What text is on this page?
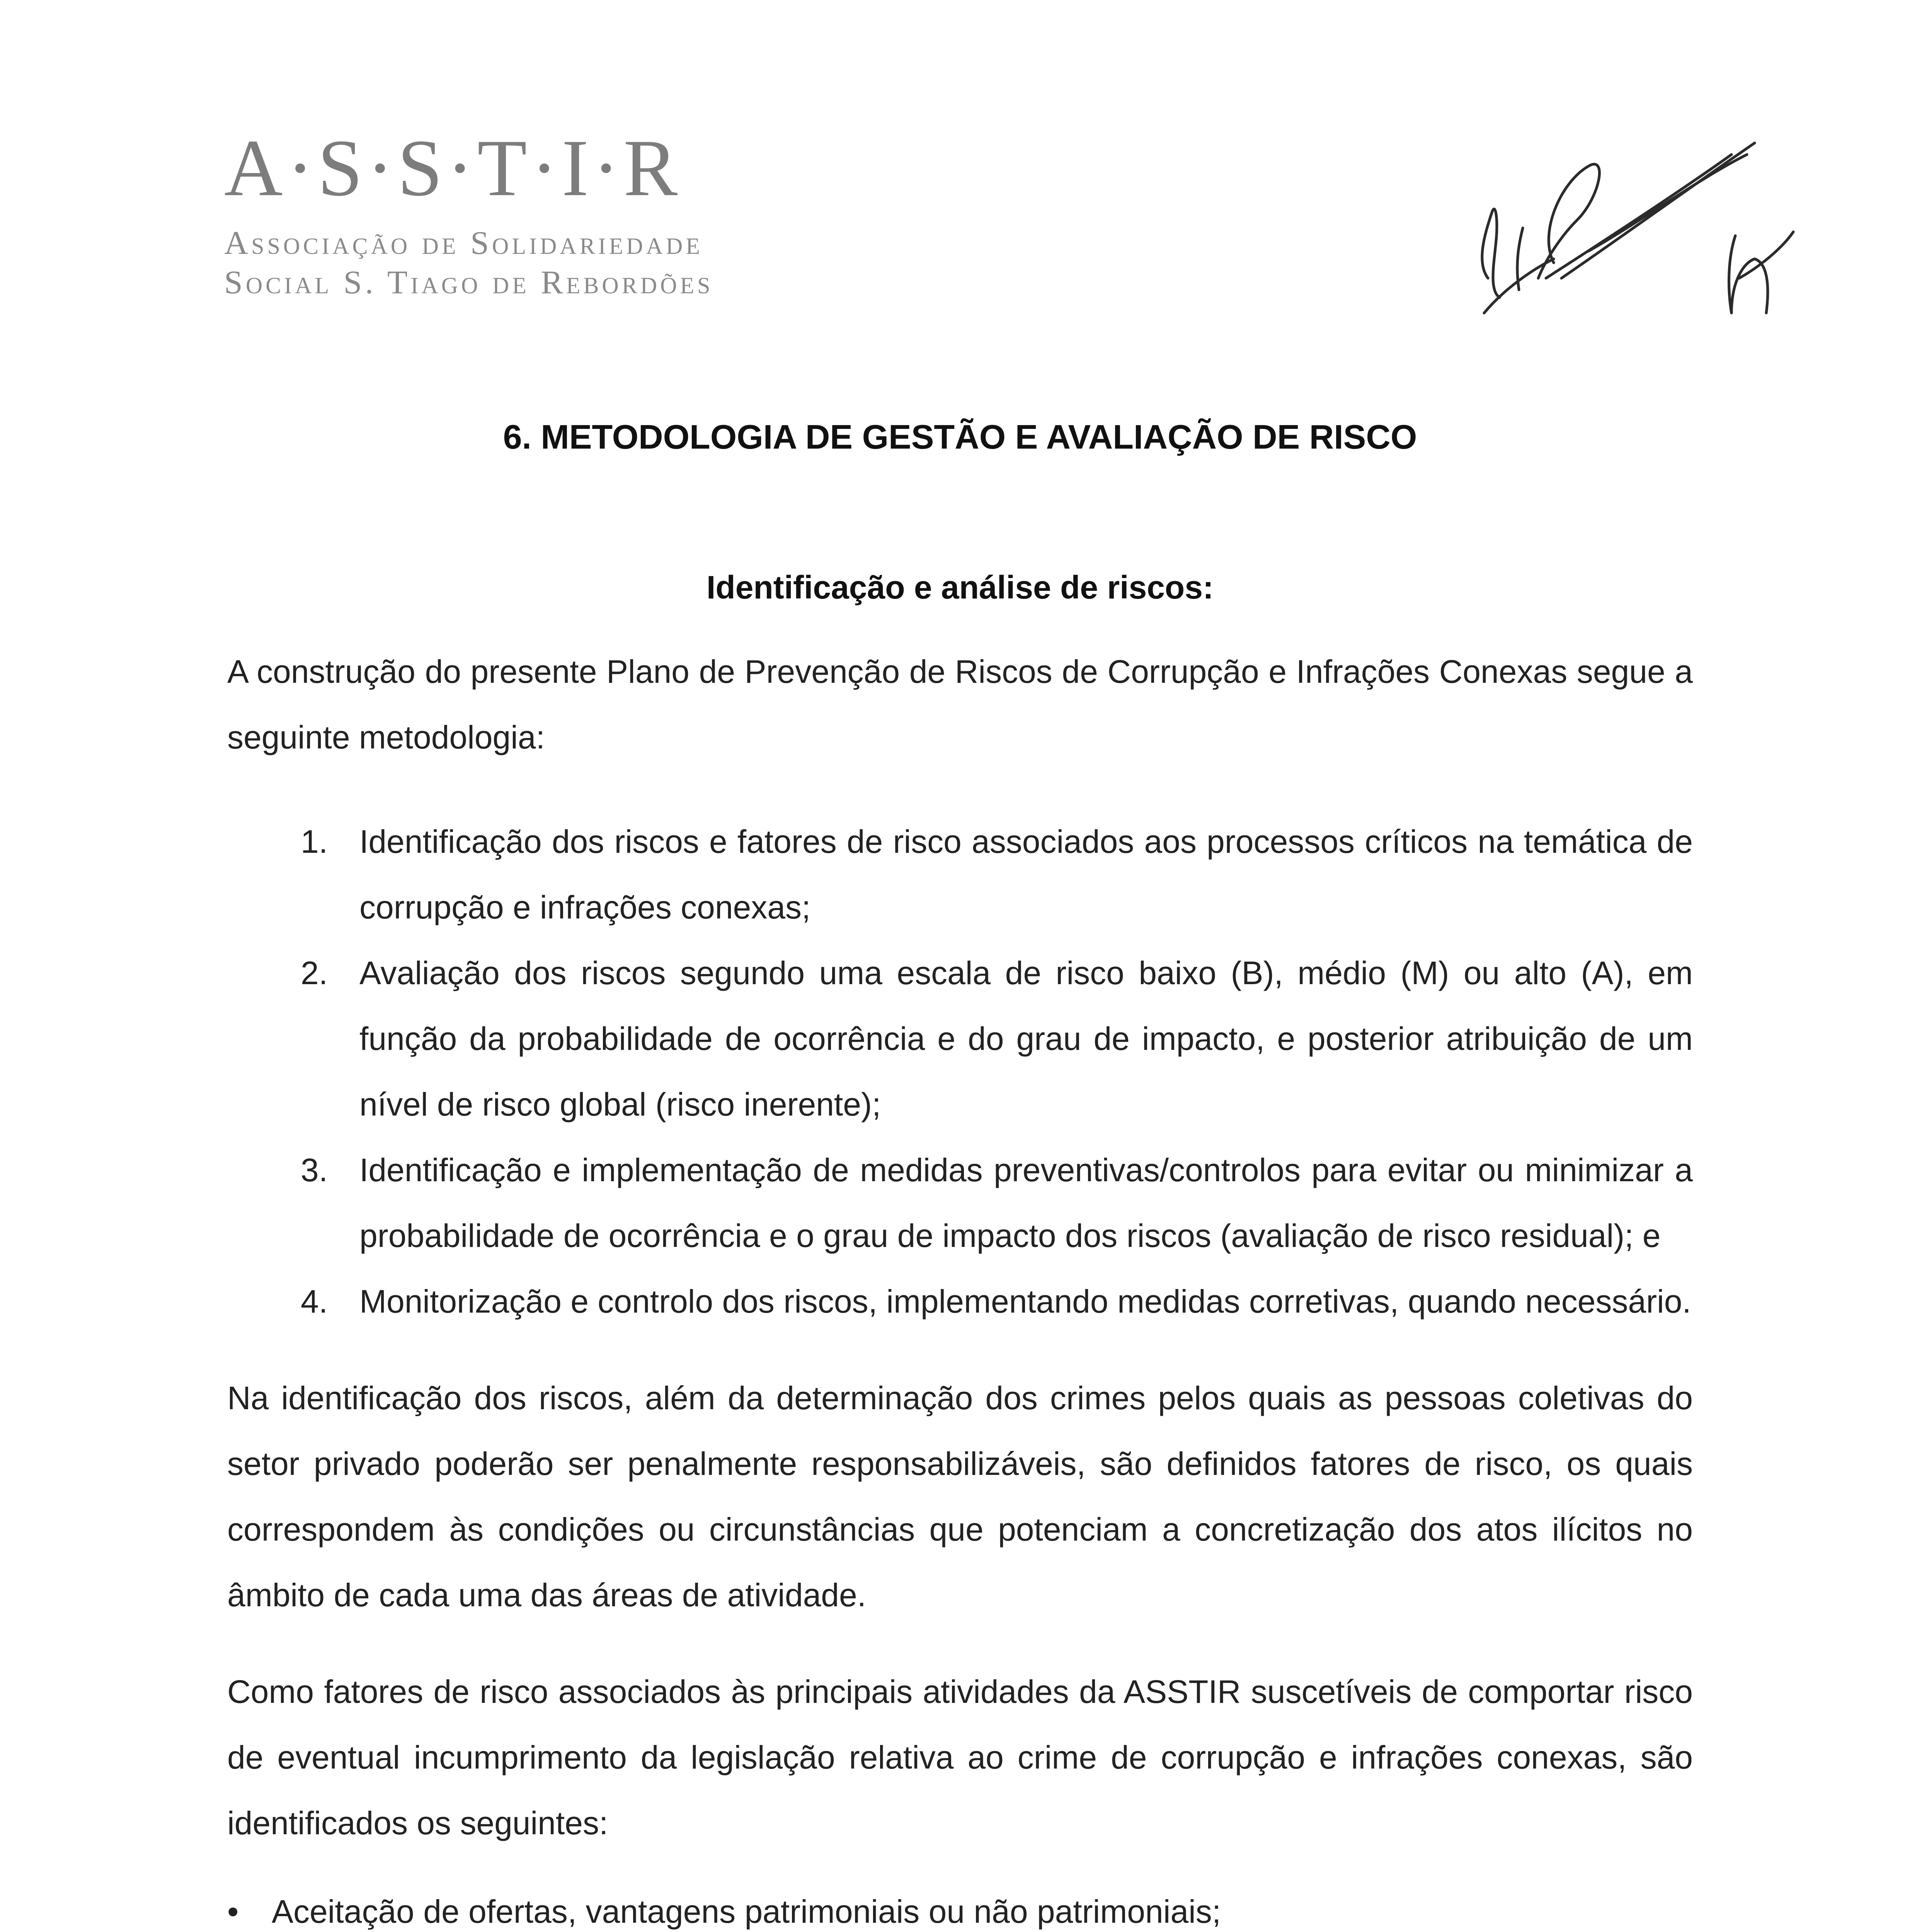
A·S·S·T·I·R
Associação de Solidariedade
Social S. Tiago de Rebordões
6. METODOLOGIA DE GESTÃO E AVALIAÇÃO DE RISCO
Identificação e análise de riscos:

A construção do presente Plano de Prevenção de Riscos de Corrupção e Infrações Conexas segue a seguinte metodologia:

1. Identificação dos riscos e fatores de risco associados aos processos críticos na temática de corrupção e infrações conexas;
2. Avaliação dos riscos segundo uma escala de risco baixo (B), médio (M) ou alto (A), em função da probabilidade de ocorrência e do grau de impacto, e posterior atribuição de um nível de risco global (risco inerente);
3. Identificação e implementação de medidas preventivas/controlos para evitar ou minimizar a probabilidade de ocorrência e o grau de impacto dos riscos (avaliação de risco residual); e
4. Monitorização e controlo dos riscos, implementando medidas corretivas, quando necessário.

Na identificação dos riscos, além da determinação dos crimes pelos quais as pessoas coletivas do setor privado poderão ser penalmente responsabilizáveis, são definidos fatores de risco, os quais correspondem às condições ou circunstâncias que potenciam a concretização dos atos ilícitos no âmbito de cada uma das áreas de atividade.

Como fatores de risco associados às principais atividades da ASSTIR suscetíveis de comportar risco de eventual incumprimento da legislação relativa ao crime de corrupção e infrações conexas, são identificados os seguintes:

• Aceitação de ofertas, vantagens patrimoniais ou não patrimoniais;
